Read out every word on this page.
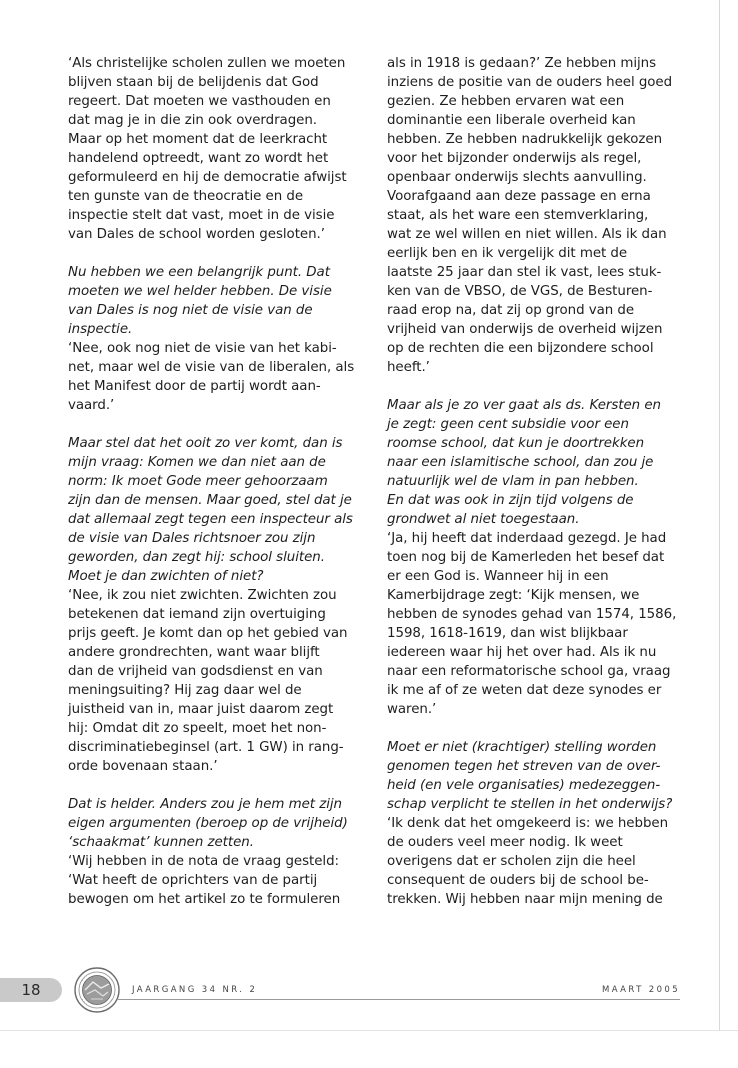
‘Als christelijke scholen zullen we moeten
blijven staan bij de belijdenis dat God
regeert. Dat moeten we vasthouden en
dat mag je in die zin ook overdragen.
Maar op het moment dat de leerkracht
handelend optreedt, want zo wordt het
geformuleerd en hij de democratie afwijst
ten gunste van de theocratie en de
inspectie stelt dat vast, moet in de visie
van Dales de school worden gesloten.’

Nu hebben we een belangrijk punt. Dat
moeten we wel helder hebben. De visie
van Dales is nog niet de visie van de
inspectie.

‘Nee, ook nog niet de visie van het kabi-
net, maar wel de visie van de liberalen, als
het Manifest door de partij wordt aan-
vaard.’

Maar stel dat het ooit zo ver komt, dan is
mijn vraag: Komen we dan niet aan de
norm: Ik moet Gode meer gehoorzaam
zijn dan de mensen. Maar goed, stel dat je
dat allemaal zegt tegen een inspecteur als
de visie van Dales richtsnoer zou zijn
geworden, dan zegt hij: school sluiten.
Moet je dan zwichten of niet?

‘Nee, ik zou niet zwichten. Zwichten zou
betekenen dat iemand zijn overtuiging
prijs geeft. Je komt dan op het gebied van
andere grondrechten, want waar blijft
dan de vrijheid van godsdienst en van
meningsuiting? Hij zag daar wel de
juistheid van in, maar juist daarom zegt
hij: Omdat dit zo speelt, moet het non-
discriminatiebeginsel (art. 1 GW) in rang-
orde bovenaan staan.’

Dat is helder. Anders zou je hem met zijn
eigen argumenten (beroep op de vrijheid)
‘schaakmat’ kunnen zetten.

‘Wij hebben in de nota de vraag gesteld:
‘Wat heeft de oprichters van de partij
bewogen om het artikel zo te formuleren

als in 1918 is gedaan?’ Ze hebben mijns
inziens de positie van de ouders heel goed
gezien. Ze hebben ervaren wat een
dominantie een liberale overheid kan
hebben. Ze hebben nadrukkelijk gekozen
voor het bijzonder onderwijs als regel,
openbaar onderwijs slechts aanvulling.
Voorafgaand aan deze passage en erna
staat, als het ware een stemverklaring,
wat ze wel willen en niet willen. Als ik dan
eerlijk ben en ik vergelijk dit met de
laatste 25 jaar dan stel ik vast, lees stuk-
ken van de VBSO, de VGS, de Besturen-
raad erop na, dat zij op grond van de
vrijheid van onderwijs de overheid wijzen
op de rechten die een bijzondere school
heeft.’

Maar als je zo ver gaat als ds. Kersten en
je zegt: geen cent subsidie voor een
roomse school, dat kun je doortrekken
naar een islamitische school, dan zou je
natuurlijk wel de vlam in pan hebben.
En dat was ook in zijn tijd volgens de
grondwet al niet toegestaan.

‘Ja, hij heeft dat inderdaad gezegd. Je had
toen nog bij de Kamerleden het besef dat
er een God is. Wanneer hij in een
Kamerbijdrage zegt: ‘Kijk mensen, we
hebben de synodes gehad van 1574, 1586,
1598, 1618-1619, dan wist blijkbaar
iedereen waar hij het over had. Als ik nu
naar een reformatorische school ga, vraag
ik me af of ze weten dat deze synodes er
waren.’

Moet er niet (krachtiger) stelling worden
genomen tegen het streven van de over-
heid (en vele organisaties) medezeggen-
schap verplicht te stellen in het onderwijs?

‘Ik denk dat het omgekeerd is: we hebben
de ouders veel meer nodig. Ik weet
overigens dat er scholen zijn die heel
consequent de ouders bij de school be-
trekken. Wij hebben naar mijn mening de

18	JAARGANG 34 NR. 2	MAART 2005
